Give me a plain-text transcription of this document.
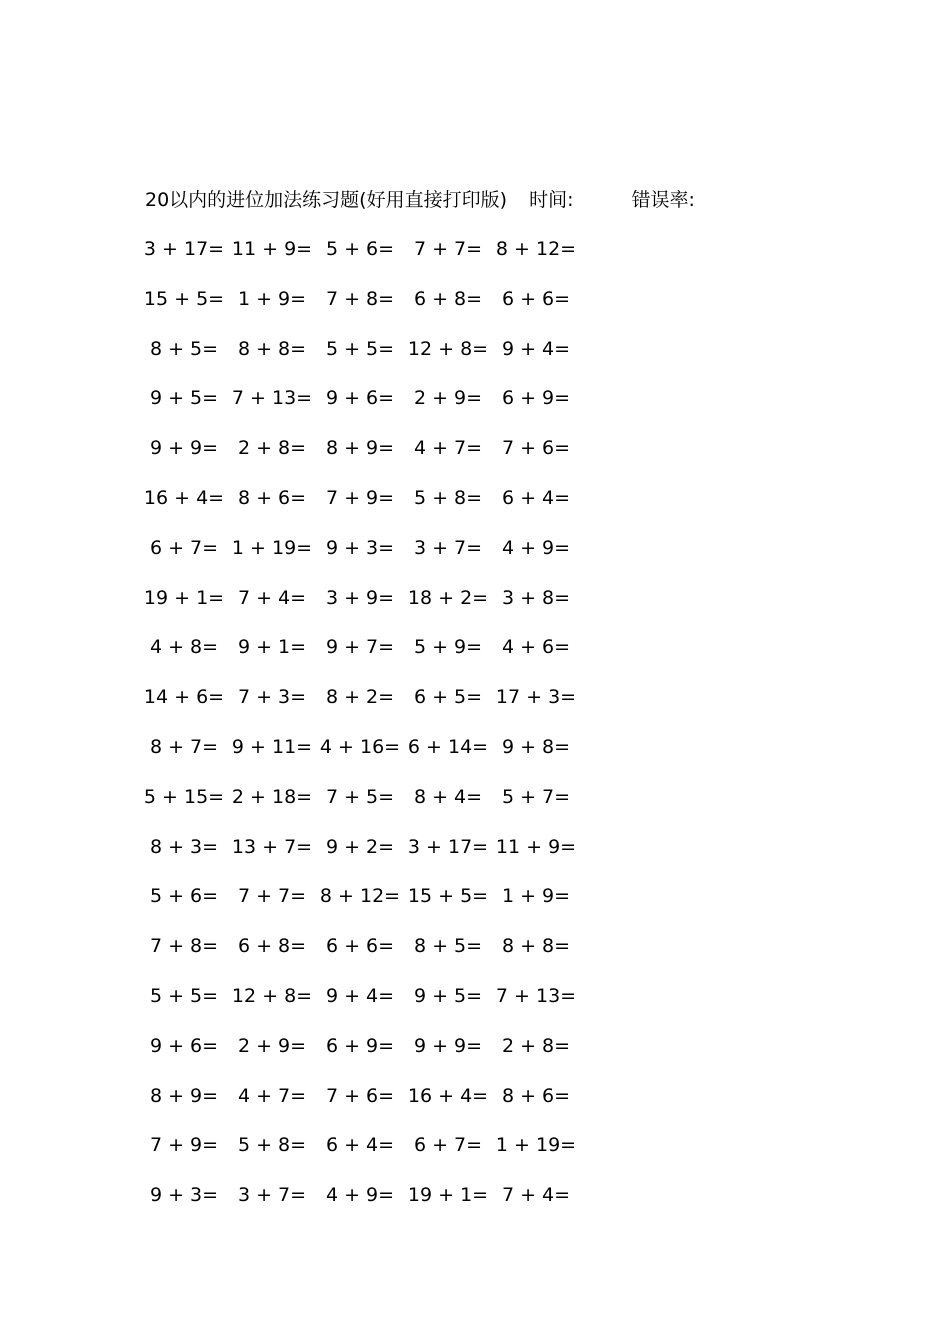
20以内的进位加法练习题(好用直接打印版) 时间:	错误率:
3 + 17= 11 + 9= 5 + 6=	7 + 7= 8 + 12=
15 + 5= 1 + 9=	7 + 8=	6 + 8=	6 + 6=
8 + 5=	8 + 8=	5 + 5= 12 + 8= 9 + 4=
9 + 5= 7 + 13= 9 + 6=	2 + 9=	6 + 9=
9 + 9=	2 + 8=	8 + 9=	4 + 7=	7 + 6=
16 + 4= 8 + 6=	7 + 9=	5 + 8=	6 + 4=
6 + 7= 1 + 19= 9 + 3=	3 + 7=	4 + 9=
19 + 1= 7 + 4=	3 + 9= 18 + 2= 3 + 8=
4 + 8=	9 + 1=	9 + 7=	5 + 9=	4 + 6=
14 + 6= 7 + 3=	8 + 2=	6 + 5= 17 + 3=
8 + 7= 9 + 11= 4 + 16= 6 + 14= 9 + 8=
5 + 15= 2 + 18= 7 + 5=	8 + 4=	5 + 7=
8 + 3= 13 + 7= 9 + 2= 3 + 17= 11 + 9=
5 + 6=	7 + 7= 8 + 12= 15 + 5= 1 + 9=
7 + 8=	6 + 8=	6 + 6=	8 + 5=	8 + 8=
5 + 5= 12 + 8= 9 + 4=	9 + 5= 7 + 13=
9 + 6=	2 + 9=	6 + 9=	9 + 9=	2 + 8=
8 + 9=	4 + 7=	7 + 6= 16 + 4= 8 + 6=
7 + 9=	5 + 8=	6 + 4=	6 + 7= 1 + 19=
9 + 3=	3 + 7=	4 + 9= 19 + 1= 7 + 4=
